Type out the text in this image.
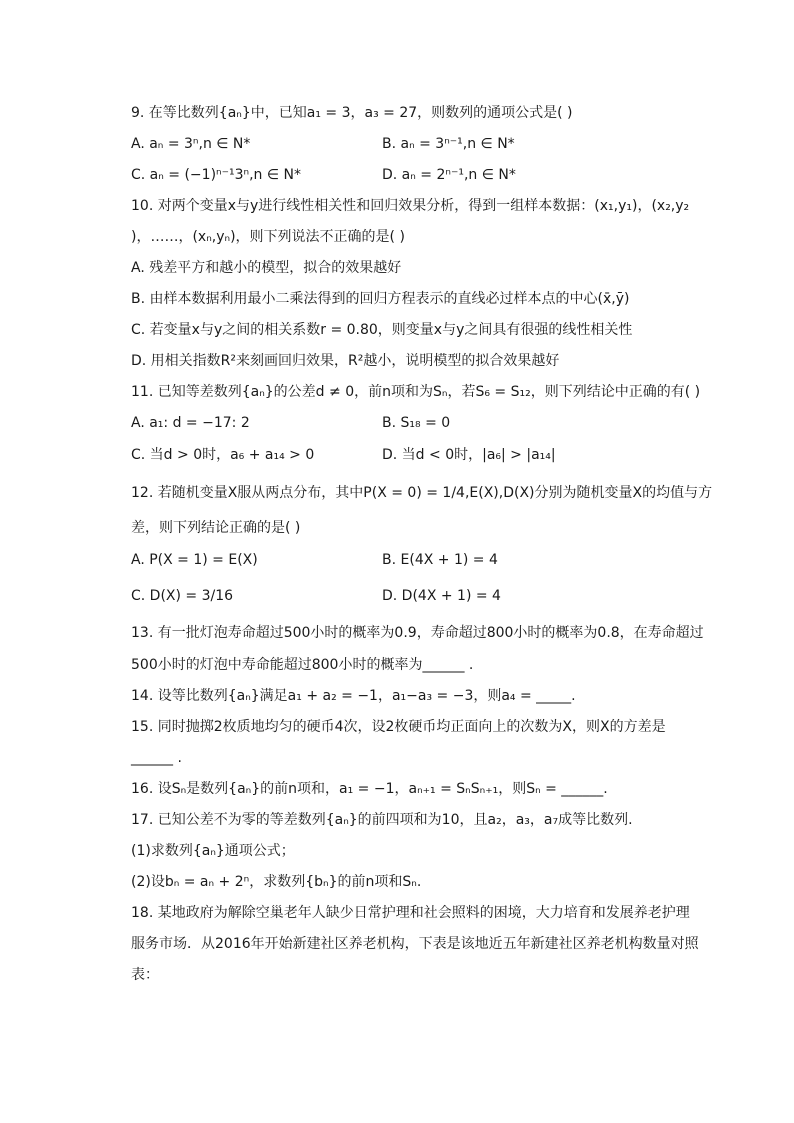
9. 在等比数列{aₙ}中，已知a₁ = 3，a₃ = 27，则数列的通项公式是( )
A. aₙ = 3ⁿ,n ∈ N*	B. aₙ = 3ⁿ⁻¹,n ∈ N*
C. aₙ = (−1)ⁿ⁻¹3ⁿ,n ∈ N*	D. aₙ = 2ⁿ⁻¹,n ∈ N*
10. 对两个变量x与y进行线性相关性和回归效果分析，得到一组样本数据：(x₁,y₁)，(x₂,y₂
)，……，(xₙ,yₙ)，则下列说法不正确的是( )
A. 残差平方和越小的模型，拟合的效果越好
B. 由样本数据利用最小二乘法得到的回归方程表示的直线必过样本点的中心(x̄,ȳ)
C. 若变量x与y之间的相关系数r = 0.80，则变量x与y之间具有很强的线性相关性
D. 用相关指数R²来刻画回归效果，R²越小，说明模型的拟合效果越好
11. 已知等差数列{aₙ}的公差d ≠ 0，前n项和为Sₙ，若S₆ = S₁₂，则下列结论中正确的有( )
A. a₁: d = −17: 2	B. S₁₈ = 0
C. 当d > 0时，a₆ + a₁₄ > 0	D. 当d < 0时，|a₆| > |a₁₄|
12. 若随机变量X服从两点分布，其中P(X = 0) = 1/4,E(X),D(X)分别为随机变量X的均值与方
差，则下列结论正确的是( )
A. P(X = 1) = E(X)	B. E(4X + 1) = 4
C. D(X) = 3/16	D. D(4X + 1) = 4
13. 有一批灯泡寿命超过500小时的概率为0.9，寿命超过800小时的概率为0.8，在寿命超过
500小时的灯泡中寿命能超过800小时的概率为______ .
14. 设等比数列{aₙ}满足a₁ + a₂ = −1，a₁−a₃ = −3，则a₄ = _____.
15. 同时抛掷2枚质地均匀的硬币4次，设2枚硬币均正面向上的次数为X，则X的方差是
______ .
16. 设Sₙ是数列{aₙ}的前n项和，a₁ = −1，aₙ₊₁ = SₙSₙ₊₁，则Sₙ = ______.
17. 已知公差不为零的等差数列{aₙ}的前四项和为10，且a₂，a₃，a₇成等比数列.
(1)求数列{aₙ}通项公式；
(2)设bₙ = aₙ + 2ⁿ，求数列{bₙ}的前n项和Sₙ.
18. 某地政府为解除空巢老年人缺少日常护理和社会照料的困境，大力培育和发展养老护理
服务市场．从2016年开始新建社区养老机构，下表是该地近五年新建社区养老机构数量对照
表：
